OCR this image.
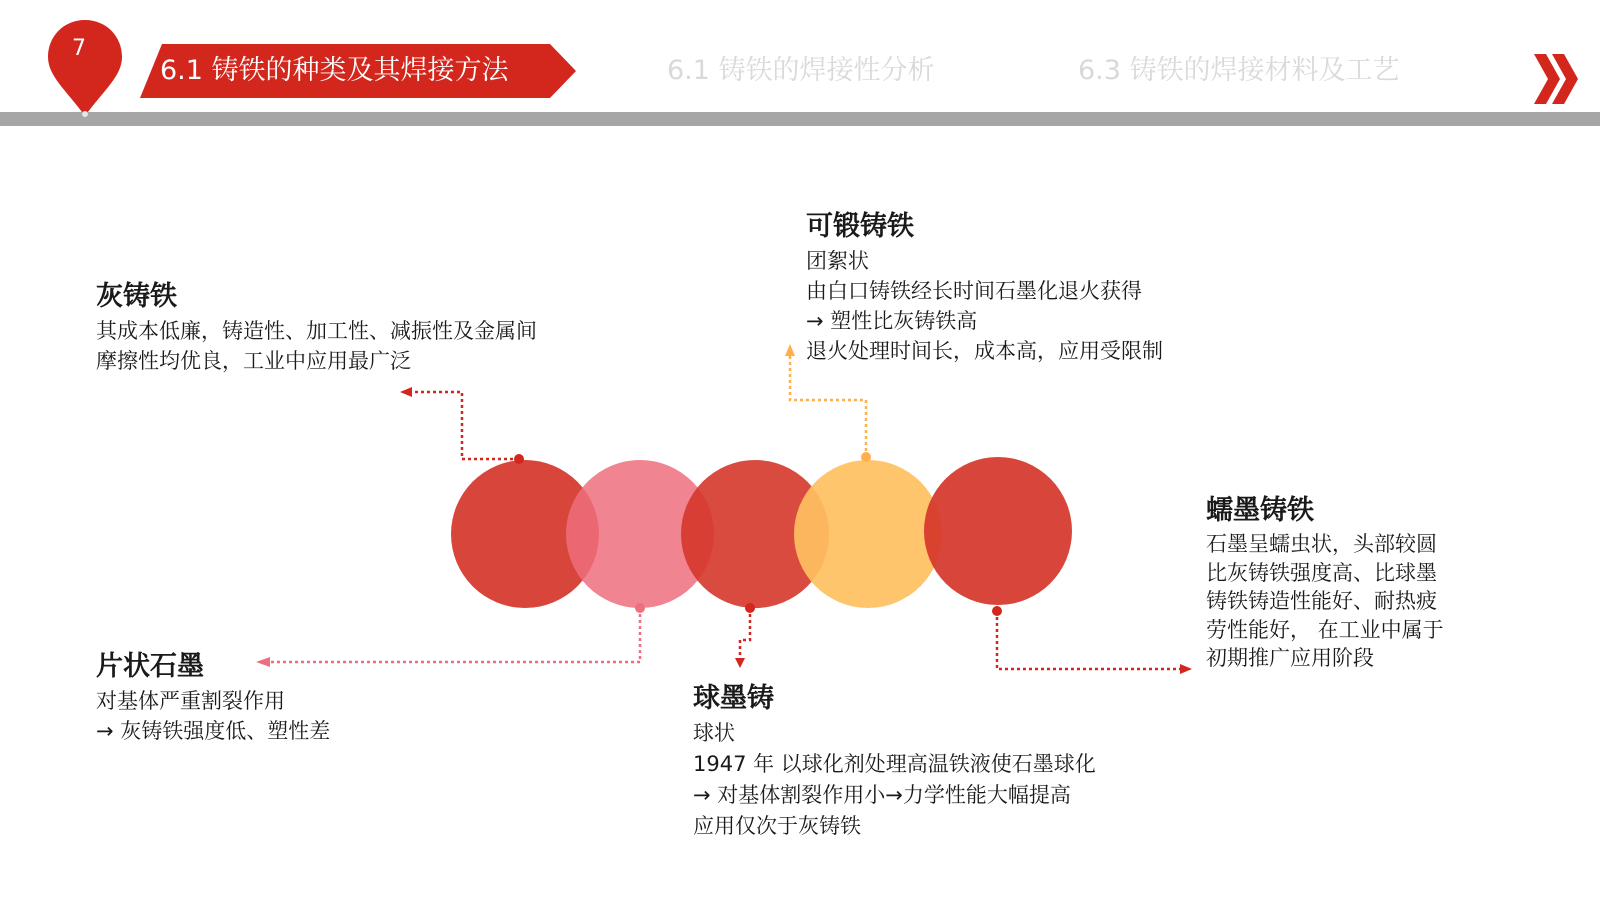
7
6.1 铸铁的种类及其焊接方法	6.1 铸铁的焊接性分析	6.3 铸铁的焊接材料及工艺
灰铸铁
其成本低廉，铸造性、加工性、减振性及金属间
摩擦性均优良，工业中应用最广泛
片状石墨
对基体严重割裂作用
→ 灰铸铁强度低、塑性差
可锻铸铁
团絮状
由白口铸铁经长时间石墨化退火获得
→ 塑性比灰铸铁高
退火处理时间长，成本高，应用受限制
球墨铸
球状
1947 年 以球化剂处理高温铁液使石墨球化
→ 对基体割裂作用小→力学性能大幅提高
应用仅次于灰铸铁
蠕墨铸铁
石墨呈蠕虫状，头部较圆
比灰铸铁强度高、比球墨
铸铁铸造性能好、耐热疲
劳性能好， 在工业中属于
初期推广应用阶段
